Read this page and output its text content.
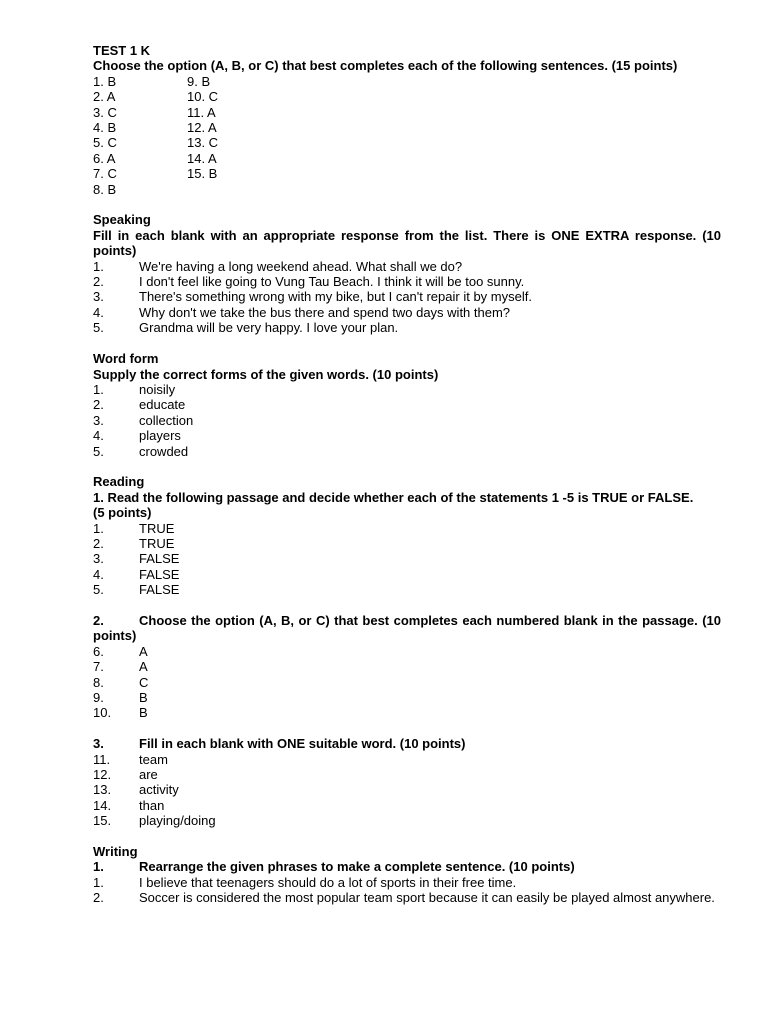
TEST 1 K
Choose the option (A, B, or C) that best completes each of the following sentences. (15 points)
1. B	9. B
2. A	10. C
3. C	11. A
4. B	12. A
5. C	13. C
6. A	14. A
7. C	15. B
8. B
Speaking
Fill in each blank with an appropriate response from the list. There is ONE EXTRA response. (10 points)
1.	We're having a long weekend ahead. What shall we do?
2.	I don't feel like going to Vung Tau Beach. I think it will be too sunny.
3.	There's something wrong with my bike, but I can't repair it by myself.
4.	Why don't we take the bus there and spend two days with them?
5.	Grandma will be very happy. I love your plan.
Word form
Supply the correct forms of the given words. (10 points)
1.	noisily
2.	educate
3.	collection
4.	players
5.	crowded
Reading
1. Read the following passage and decide whether each of the statements 1 -5 is TRUE or FALSE.
(5 points)
1.	TRUE
2.	TRUE
3.	FALSE
4.	FALSE
5.	FALSE
2.	Choose the option (A, B, or C) that best completes each numbered blank in the passage. (10 points)
6.	A
7.	A
8.	C
9.	B
10. B
3.	Fill in each blank with ONE suitable word. (10 points)
11. team
12. are
13. activity
14. than
15. playing/doing
Writing
1.	Rearrange the given phrases to make a complete sentence. (10 points)
1.	I believe that teenagers should do a lot of sports in their free time.
2.	Soccer is considered the most popular team sport because it can easily be played almost anywhere.
